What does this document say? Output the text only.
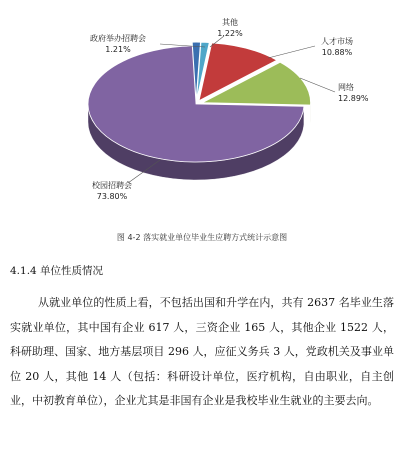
政府举办招聘会
1.21%
其他
1.22%
人才市场
10.88%
网络
12.89%
校园招聘会
73.80%
图 4-2 落实就业单位毕业生应聘方式统计示意图
4.1.4 单位性质情况

从就业单位的性质上看，不包括出国和升学在内，共有 2637 名毕业生落实就业单位，其中国有企业 617 人，三资企业 165 人，其他企业 1522 人，科研助理、国家、地方基层项目 296 人，应征义务兵 3 人，党政机关及事业单位 20 人，其他 14 人（包括：科研设计单位，医疗机构，自由职业，自主创业，中初教育单位），企业尤其是非国有企业是我校毕业生就业的主要去向。
